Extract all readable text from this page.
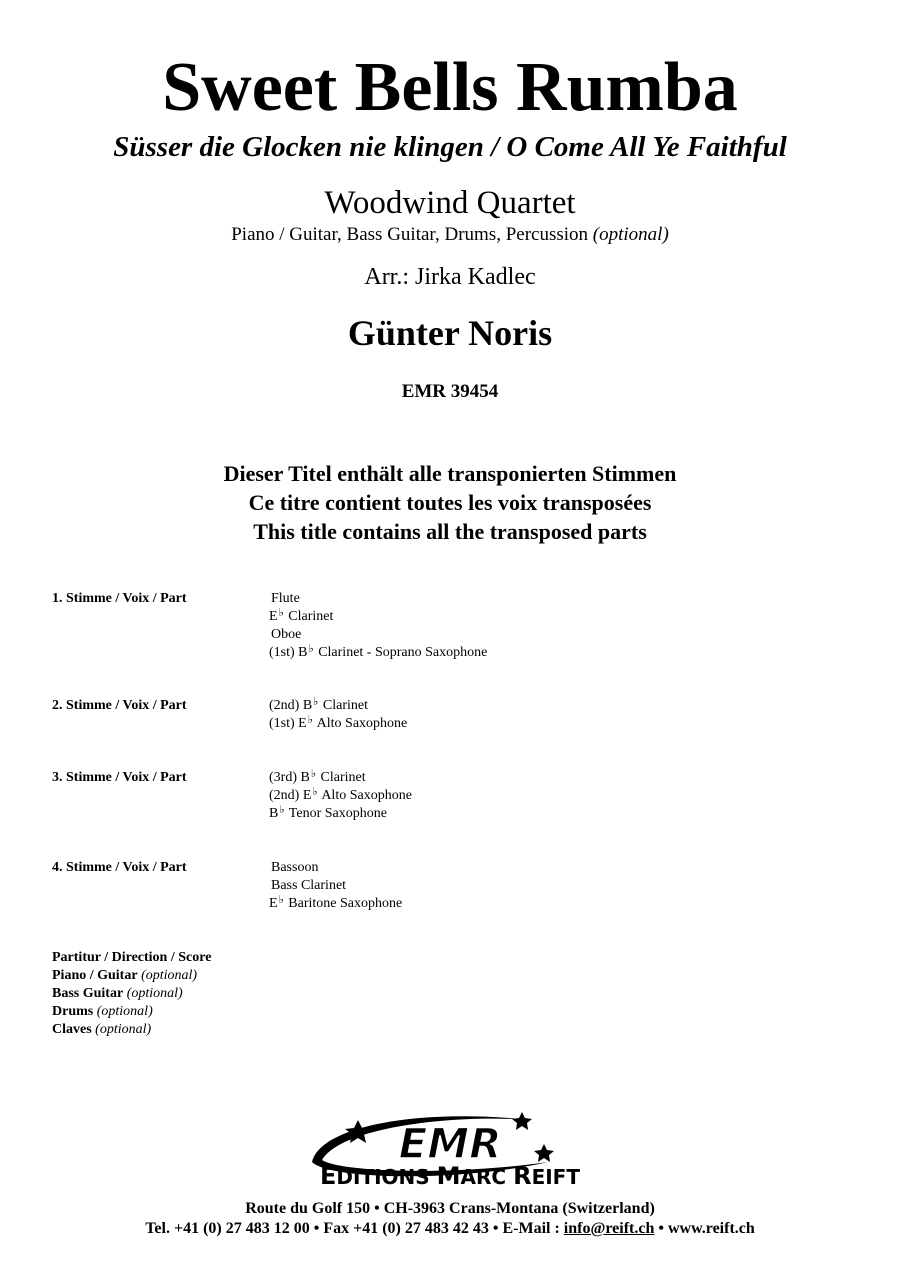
Sweet Bells Rumba
Süsser die Glocken nie klingen / O Come All Ye Faithful
Woodwind Quartet
Piano / Guitar, Bass Guitar, Drums, Percussion (optional)
Arr.: Jirka Kadlec
Günter Noris
EMR 39454
Dieser Titel enthält alle transponierten Stimmen
Ce titre contient toutes les voix transposées
This title contains all the transposed parts
1. Stimme / Voix / Part	Flute
E♭ Clarinet
Oboe
(1st) B♭ Clarinet - Soprano Saxophone
2. Stimme / Voix / Part	(2nd) B♭ Clarinet
(1st) E♭ Alto Saxophone
3. Stimme / Voix / Part	(3rd) B♭ Clarinet
(2nd) E♭ Alto Saxophone
B♭ Tenor Saxophone
4. Stimme / Voix / Part	Bassoon
Bass Clarinet
E♭ Baritone Saxophone
Partitur / Direction / Score
Piano / Guitar (optional)
Bass Guitar (optional)
Drums (optional)
Claves (optional)
EMR
EDITIONS MARC REIFT
Route du Golf 150 • CH-3963 Crans-Montana (Switzerland)
Tel. +41 (0) 27 483 12 00 • Fax +41 (0) 27 483 42 43 • E-Mail : info@reift.ch • www.reift.ch
